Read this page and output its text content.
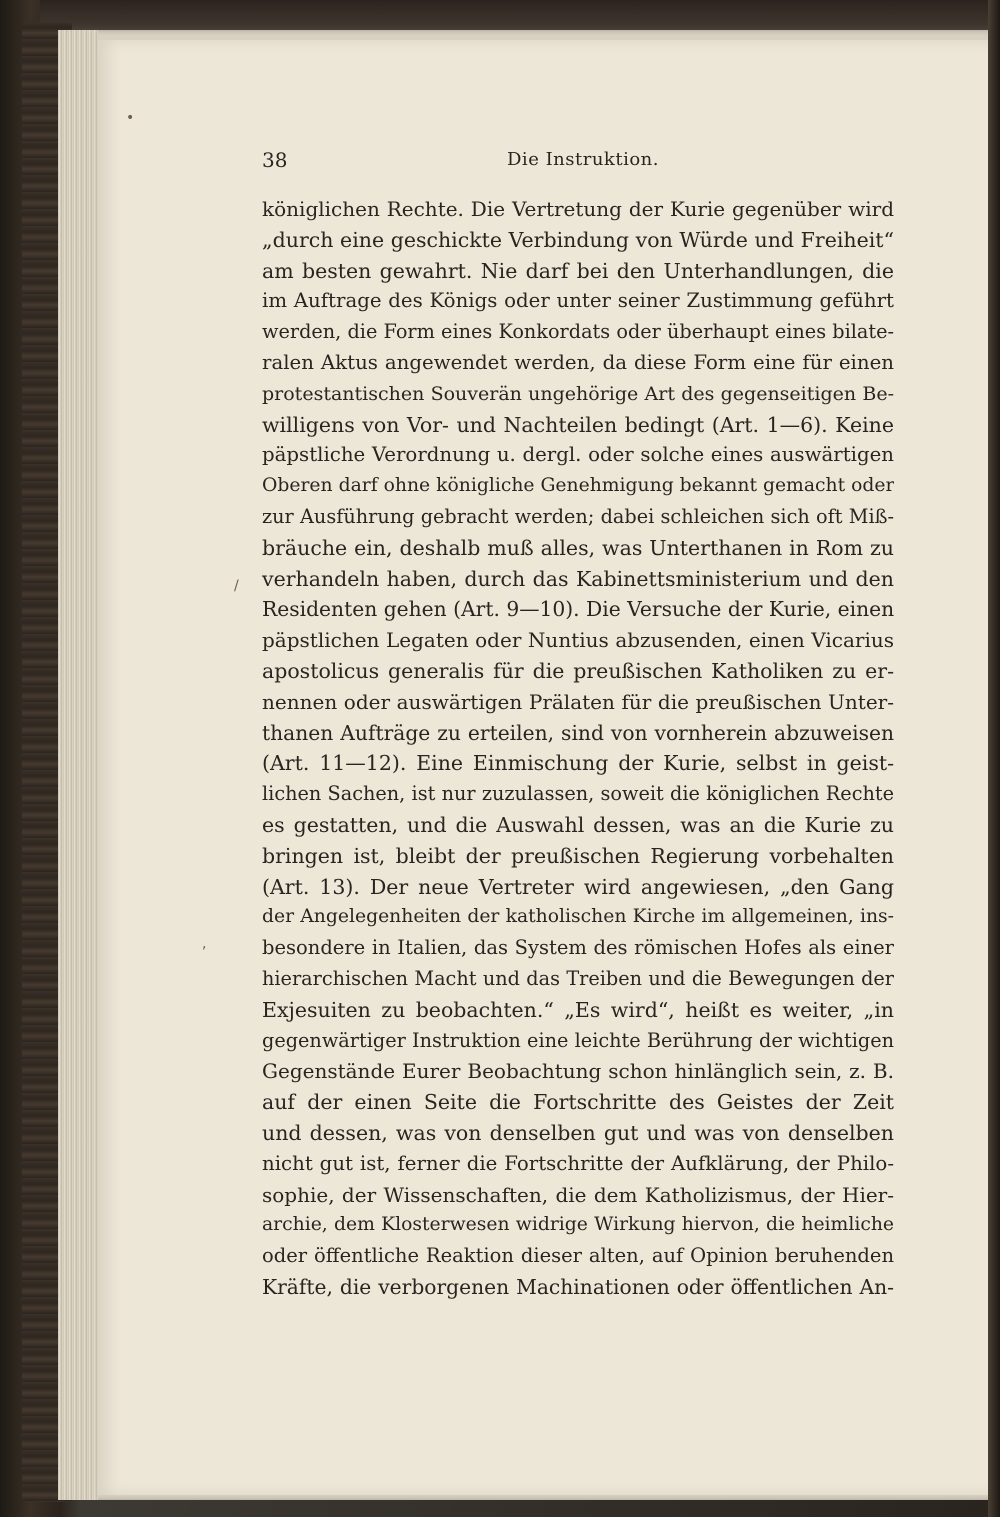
•
/
,
38	Die Instruktion.
königlichen Rechte. Die Vertretung der Kurie gegenüber wird
„durch eine geschickte Verbindung von Würde und Freiheit“
am besten gewahrt. Nie darf bei den Unterhandlungen, die
im Auftrage des Königs oder unter seiner Zustimmung geführt
werden, die Form eines Konkordats oder überhaupt eines bilate-
ralen Aktus angewendet werden, da diese Form eine für einen
protestantischen Souverän ungehörige Art des gegenseitigen Be-
willigens von Vor- und Nachteilen bedingt (Art. 1—6). Keine
päpstliche Verordnung u. dergl. oder solche eines auswärtigen
Oberen darf ohne königliche Genehmigung bekannt gemacht oder
zur Ausführung gebracht werden; dabei schleichen sich oft Miß-
bräuche ein, deshalb muß alles, was Unterthanen in Rom zu
verhandeln haben, durch das Kabinettsministerium und den
Residenten gehen (Art. 9—10). Die Versuche der Kurie, einen
päpstlichen Legaten oder Nuntius abzusenden, einen Vicarius
apostolicus generalis für die preußischen Katholiken zu er-
nennen oder auswärtigen Prälaten für die preußischen Unter-
thanen Aufträge zu erteilen, sind von vornherein abzuweisen
(Art. 11—12). Eine Einmischung der Kurie, selbst in geist-
lichen Sachen, ist nur zuzulassen, soweit die königlichen Rechte
es gestatten, und die Auswahl dessen, was an die Kurie zu
bringen ist, bleibt der preußischen Regierung vorbehalten
(Art. 13). Der neue Vertreter wird angewiesen, „den Gang
der Angelegenheiten der katholischen Kirche im allgemeinen, ins-
besondere in Italien, das System des römischen Hofes als einer
hierarchischen Macht und das Treiben und die Bewegungen der
Exjesuiten zu beobachten.“ „Es wird“, heißt es weiter, „in
gegenwärtiger Instruktion eine leichte Berührung der wichtigen
Gegenstände Eurer Beobachtung schon hinlänglich sein, z. B.
auf der einen Seite die Fortschritte des Geistes der Zeit
und dessen, was von denselben gut und was von denselben
nicht gut ist, ferner die Fortschritte der Aufklärung, der Philo-
sophie, der Wissenschaften, die dem Katholizismus, der Hier-
archie, dem Klosterwesen widrige Wirkung hiervon, die heimliche
oder öffentliche Reaktion dieser alten, auf Opinion beruhenden
Kräfte, die verborgenen Machinationen oder öffentlichen An-
